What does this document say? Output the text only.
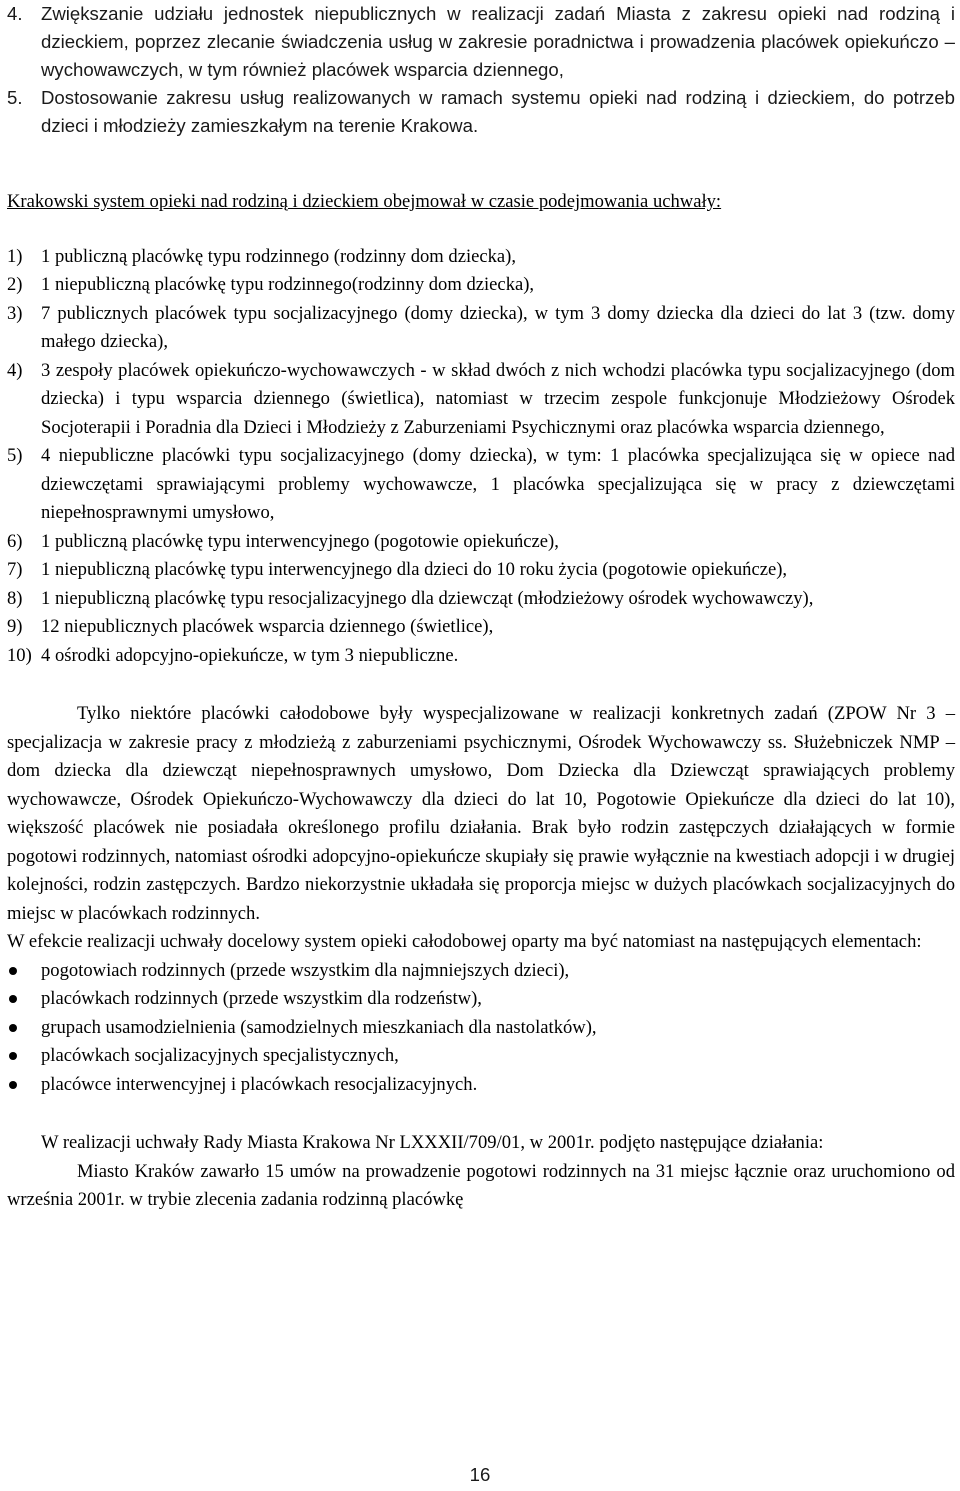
4. Zwiększanie udziału jednostek niepublicznych w realizacji zadań Miasta z zakresu opieki nad rodziną i dzieckiem, poprzez zlecanie świadczenia usług w zakresie poradnictwa i prowadzenia placówek opiekuńczo – wychowawczych, w tym również placówek wsparcia dziennego,
5. Dostosowanie zakresu usług realizowanych w ramach systemu opieki nad rodziną i dzieckiem, do potrzeb dzieci i młodzieży zamieszkałym na terenie Krakowa.

Krakowski system opieki nad rodziną i dzieckiem obejmował w czasie podejmowania uchwały:

1) 1 publiczną placówkę typu rodzinnego (rodzinny dom dziecka),
2) 1 niepubliczną placówkę typu rodzinnego(rodzinny dom dziecka),
3) 7 publicznych placówek typu socjalizacyjnego (domy dziecka), w tym 3 domy dziecka dla dzieci do lat 3 (tzw. domy małego dziecka),
4) 3 zespoły placówek opiekuńczo-wychowawczych - w skład dwóch z nich wchodzi placówka typu socjalizacyjnego (dom dziecka) i typu wsparcia dziennego (świetlica), natomiast w trzecim zespole funkcjonuje Młodzieżowy Ośrodek Socjoterapii i Poradnia dla Dzieci i Młodzieży z Zaburzeniami Psychicznymi oraz placówka wsparcia dziennego,
5) 4 niepubliczne placówki typu socjalizacyjnego (domy dziecka), w tym: 1 placówka specjalizująca się w opiece nad dziewczętami sprawiającymi problemy wychowawcze, 1 placówka specjalizująca się w pracy z dziewczętami niepełnosprawnymi umysłowo,
6) 1 publiczną placówkę typu interwencyjnego (pogotowie opiekuńcze),
7) 1 niepubliczną placówkę typu interwencyjnego dla dzieci do 10 roku życia (pogotowie opiekuńcze),
8) 1 niepubliczną placówkę typu resocjalizacyjnego dla dziewcząt (młodzieżowy ośrodek wychowawczy),
9) 12 niepublicznych placówek wsparcia dziennego (świetlice),
10) 4 ośrodki adopcyjno-opiekuńcze, w tym 3 niepubliczne.

Tylko niektóre placówki całodobowe były wyspecjalizowane w realizacji konkretnych zadań (ZPOW Nr 3 – specjalizacja w zakresie pracy z młodzieżą z zaburzeniami psychicznymi, Ośrodek Wychowawczy ss. Służebniczek NMP – dom dziecka dla dziewcząt niepełnosprawnych umysłowo, Dom Dziecka dla Dziewcząt sprawiających problemy wychowawcze, Ośrodek Opiekuńczo-Wychowawczy dla dzieci do lat 10, Pogotowie Opiekuńcze dla dzieci do lat 10), większość placówek nie posiadała określonego profilu działania. Brak było rodzin zastępczych działających w formie pogotowi rodzinnych, natomiast ośrodki adopcyjno-opiekuńcze skupiały się prawie wyłącznie na kwestiach adopcji i w drugiej kolejności, rodzin zastępczych. Bardzo niekorzystnie układała się proporcja miejsc w dużych placówkach socjalizacyjnych do miejsc w placówkach rodzinnych.

W efekcie realizacji uchwały docelowy system opieki całodobowej oparty ma być natomiast na następujących elementach:

pogotowiach rodzinnych (przede wszystkim dla najmniejszych dzieci),
placówkach rodzinnych (przede wszystkim dla rodzeństw),
grupach usamodzielnienia (samodzielnych mieszkaniach dla nastolatków),
placówkach socjalizacyjnych specjalistycznych,
placówce interwencyjnej i placówkach resocjalizacyjnych.

W realizacji uchwały Rady Miasta Krakowa Nr LXXXII/709/01, w 2001r. podjęto następujące działania:

Miasto Kraków zawarło 15 umów na prowadzenie pogotowi rodzinnych na 31 miejsc łącznie oraz uruchomiono od września 2001r. w trybie zlecenia zadania rodzinną placówkę

16
